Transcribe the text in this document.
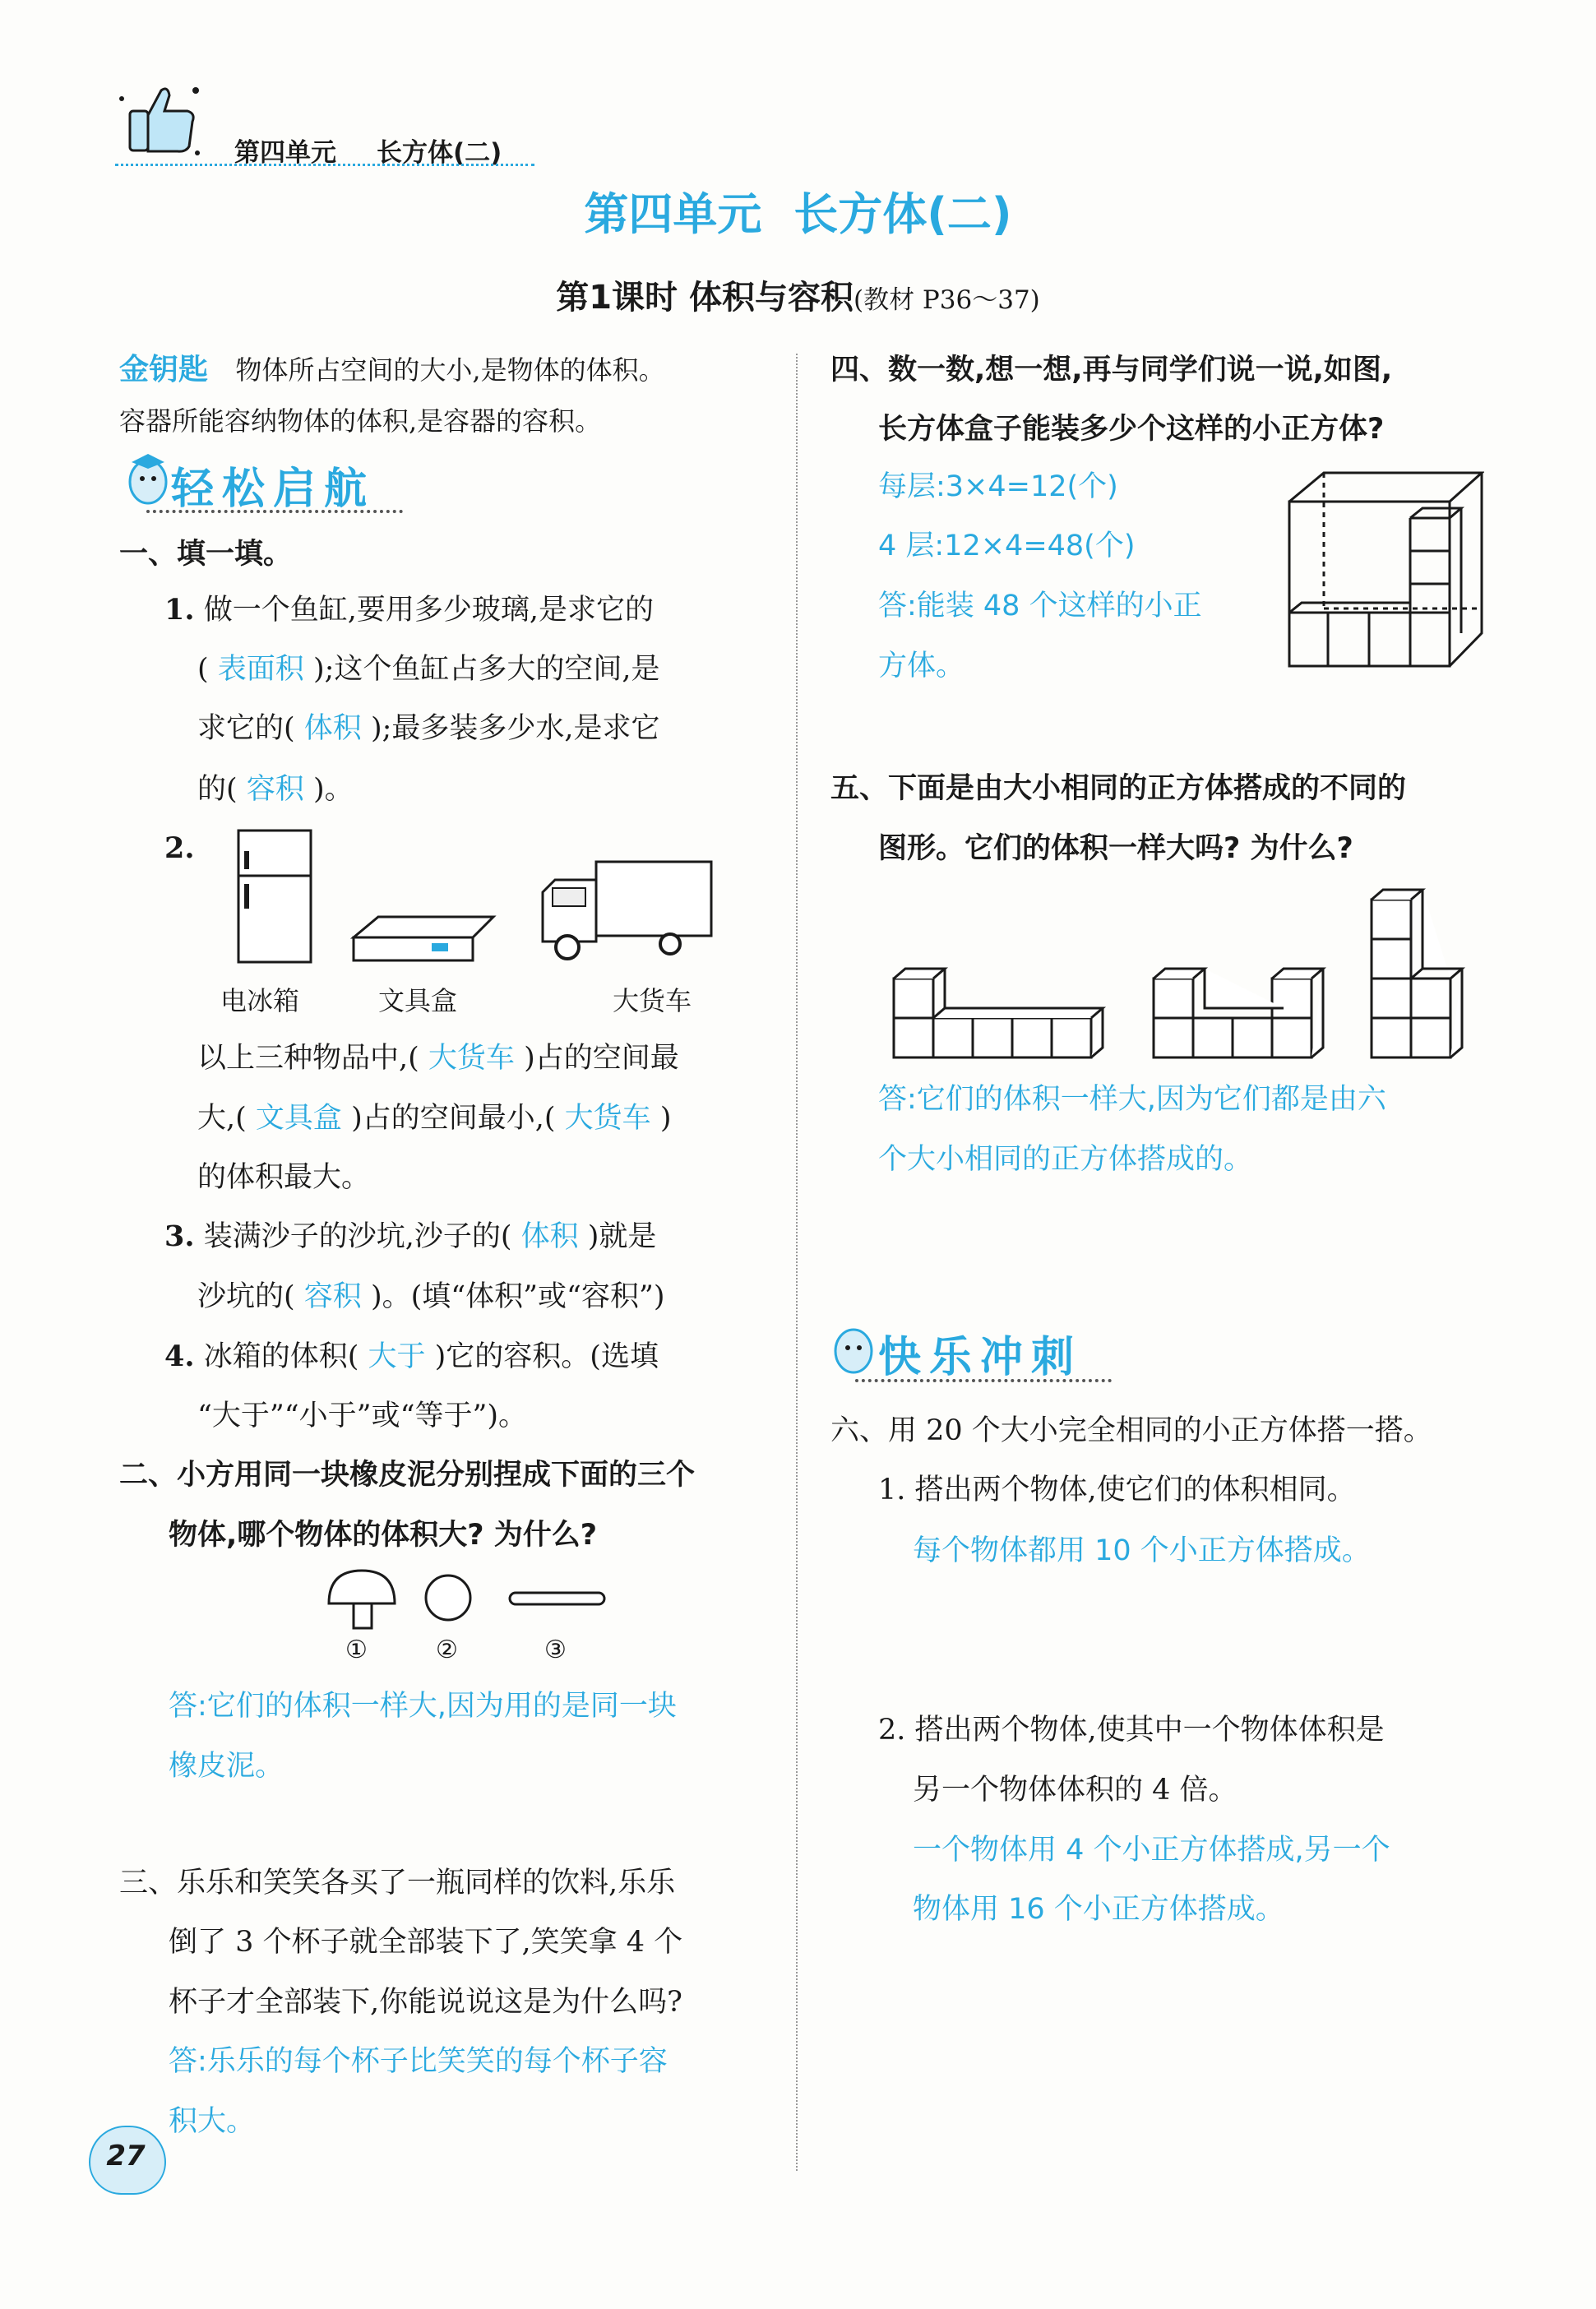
第四单元 长方体(二)
第四单元 长方体(二)
第1课时 体积与容积(教材 P36～37)
金钥匙 物体所占空间的大小,是物体的体积。
容器所能容纳物体的体积,是容器的容积。
轻松启航
一、填一填。
1. 做一个鱼缸,要用多少玻璃,是求它的
( 表面积 );这个鱼缸占多大的空间,是
求它的( 体积 );最多装多少水,是求它
的( 容积 )。
2.
电冰箱	文具盒	大货车
以上三种物品中,( 大货车 )占的空间最
大,( 文具盒 )占的空间最小,( 大货车 )
的体积最大。
3. 装满沙子的沙坑,沙子的( 体积 )就是
沙坑的( 容积 )。(填“体积”或“容积”)
4. 冰箱的体积( 大于 )它的容积。(选填
“大于”“小于”或“等于”)。
二、小方用同一块橡皮泥分别捏成下面的三个
物体,哪个物体的体积大? 为什么?
①	②	③
答:它们的体积一样大,因为用的是同一块
橡皮泥。
三、乐乐和笑笑各买了一瓶同样的饮料,乐乐
倒了 3 个杯子就全部装下了,笑笑拿 4 个
杯子才全部装下,你能说说这是为什么吗?
答:乐乐的每个杯子比笑笑的每个杯子容
积大。
四、数一数,想一想,再与同学们说一说,如图,
长方体盒子能装多少个这样的小正方体?
每层:3×4=12(个)
4 层:12×4=48(个)
答:能装 48 个这样的小正
方体。
五、下面是由大小相同的正方体搭成的不同的
图形。它们的体积一样大吗? 为什么?
答:它们的体积一样大,因为它们都是由六
个大小相同的正方体搭成的。
快乐冲刺
六、用 20 个大小完全相同的小正方体搭一搭。
1. 搭出两个物体,使它们的体积相同。
每个物体都用 10 个小正方体搭成。
2. 搭出两个物体,使其中一个物体体积是
另一个物体体积的 4 倍。
一个物体用 4 个小正方体搭成,另一个
物体用 16 个小正方体搭成。
27
